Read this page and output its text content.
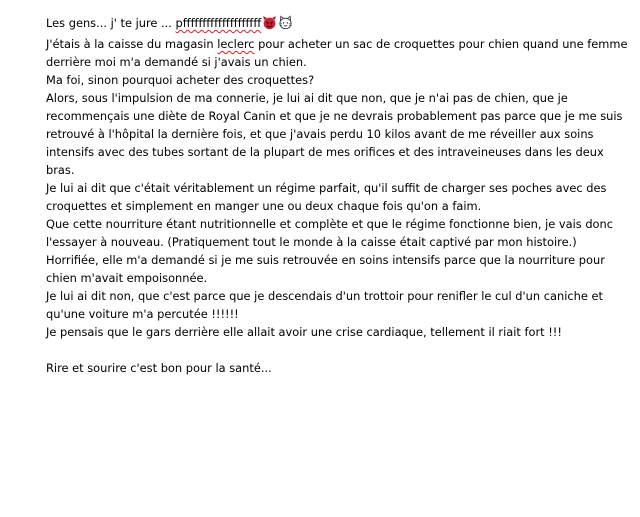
Les gens... j' te jure ... pffffffffffffffffffff

J'étais à la caisse du magasin leclerc pour acheter un sac de croquettes pour chien quand une femme

derrière moi m'a demandé si j'avais un chien.

Ma foi, sinon pourquoi acheter des croquettes?

Alors, sous l'impulsion de ma connerie, je lui ai dit que non, que je n'ai pas de chien, que je

recommençais une diète de Royal Canin et que je ne devrais probablement pas parce que je me suis

retrouvé à l'hôpital la dernière fois, et que j'avais perdu 10 kilos avant de me réveiller aux soins

intensifs avec des tubes sortant de la plupart de mes orifices et des intraveineuses dans les deux

bras.

Je lui ai dit que c'était véritablement un régime parfait, qu'il suffit de charger ses poches avec des

croquettes et simplement en manger une ou deux chaque fois qu'on a faim.

Que cette nourriture étant nutritionnelle et complète et que le régime fonctionne bien, je vais donc

l'essayer à nouveau. (Pratiquement tout le monde à la caisse était captivé par mon histoire.)

Horrifiée, elle m'a demandé si je me suis retrouvée en soins intensifs parce que la nourriture pour

chien m'avait empoisonnée.

Je lui ai dit non, que c'est parce que je descendais d'un trottoir pour renifler le cul d'un caniche et

qu'une voiture m'a percutée !!!!!!

Je pensais que le gars derrière elle allait avoir une crise cardiaque, tellement il riait fort !!!

Rire et sourire c'est bon pour la santé...
